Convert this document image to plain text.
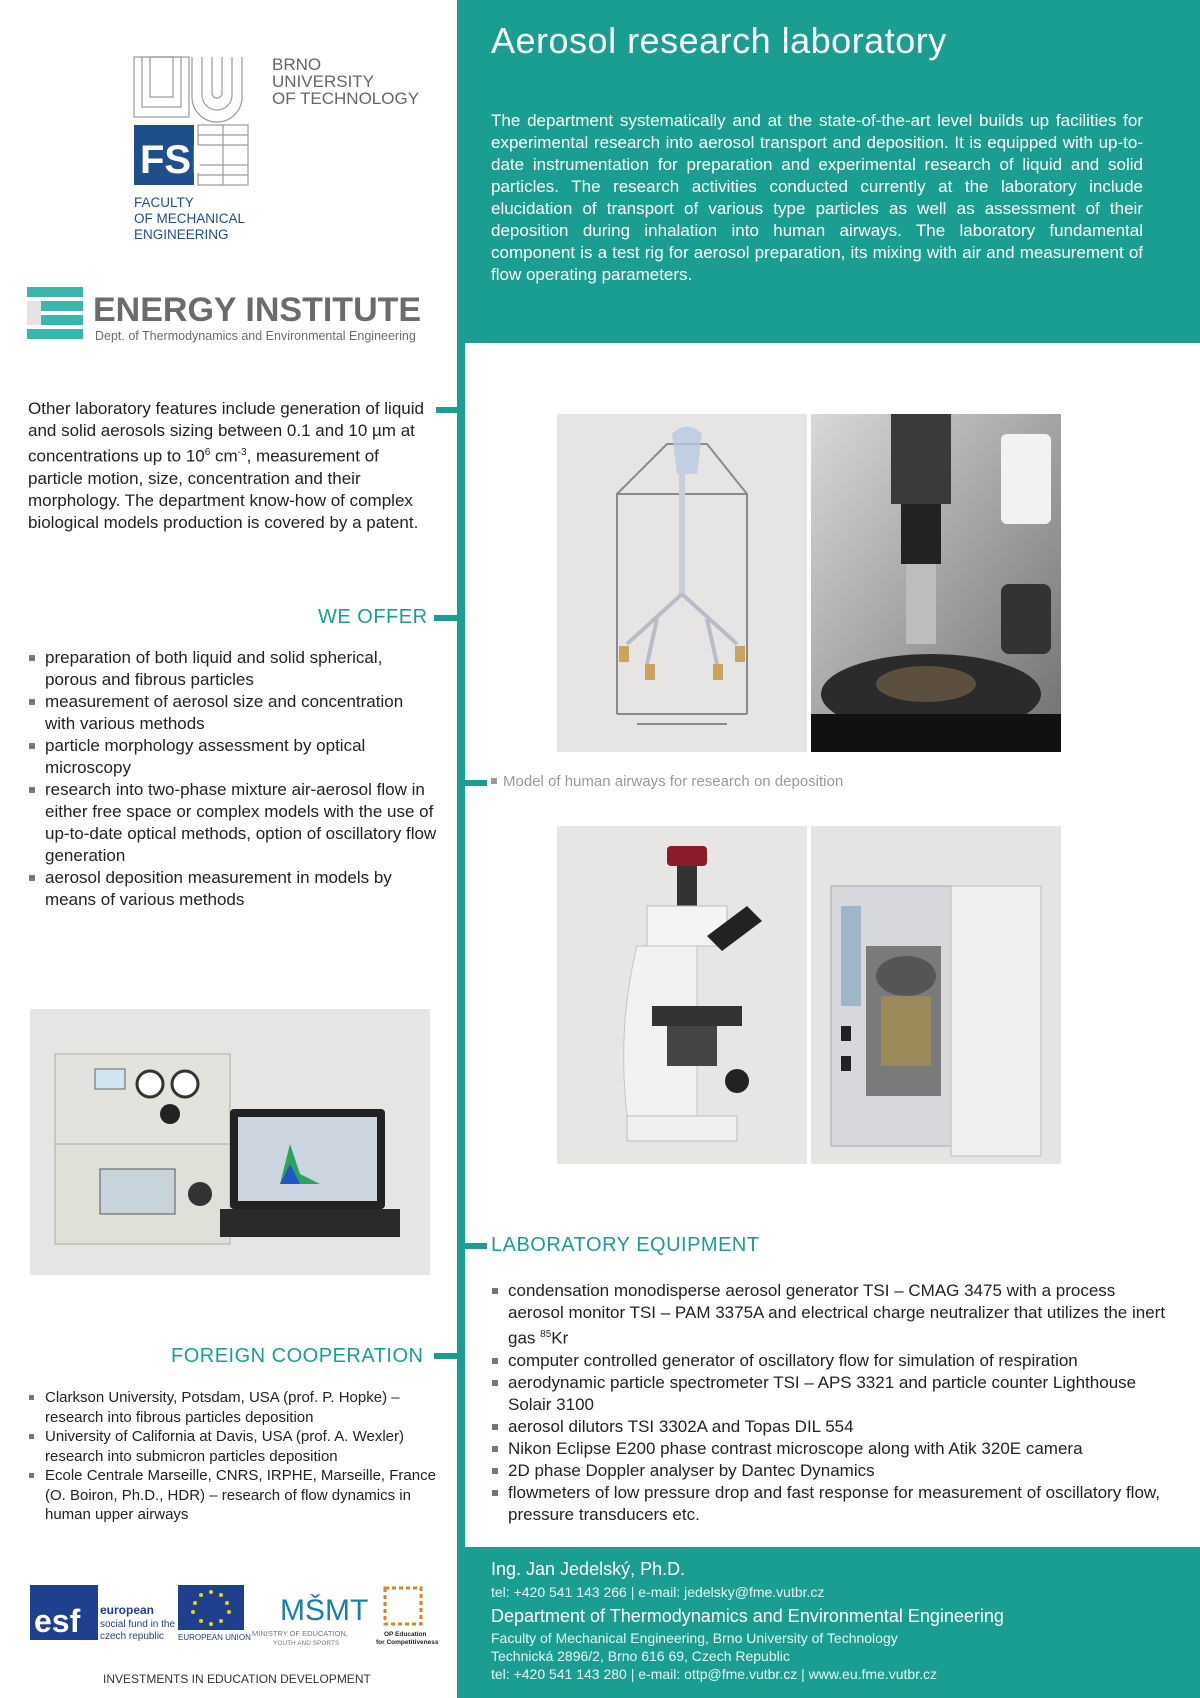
Aerosol research laboratory

The department systematically and at the state-of-the-art level builds up facilities for experimental research into aerosol transport and deposition. It is equipped with up-to-date instrumentation for preparation and experimental research of liquid and solid particles. The research activities conducted currently at the laboratory include elucidation of transport of various type particles as well as assessment of their deposition during inhalation into human airways. The laboratory fundamental component is a test rig for aerosol preparation, its mixing with air and measurement of flow operating parameters.

FSI
BRNO
UNIVERSITY
OF TECHNOLOGY
FACULTY
OF MECHANICAL
ENGINEERING
ENERGY INSTITUTE
Dept. of Thermodynamics and Environmental Engineering

Other laboratory features include generation of liquid and solid aerosols sizing between 0.1 and 10 µm at concentrations up to $10^6$ $cm^{-3}$, measurement of particle motion, size, concentration and their morphology. The department know-how of complex biological models production is covered by a patent.

WE OFFER
preparation of both liquid and solid spherical, porous and fibrous particles
measurement of aerosol size and concentration with various methods
particle morphology assessment by optical microscopy
research into two-phase mixture air-aerosol flow in either free space or complex models with the use of up-to-date optical methods, option of oscillatory flow generation
aerosol deposition measurement in models by means of various methods
Model of human airways for research on deposition
LABORATORY EQUIPMENT
condensation monodisperse aerosol generator TSI – CMAG 3475 with a process aerosol monitor TSI – PAM 3375A and electrical charge neutralizer that utilizes the inert gas $^{85}$Kr
computer controlled generator of oscillatory flow for simulation of respiration
aerodynamic particle spectrometer TSI – APS 3321 and particle counter Lighthouse Solair 3100
aerosol dilutors TSI 3302A and Topas DIL 554
Nikon Eclipse E200 phase contrast microscope along with Atik 320E camera
2D phase Doppler analyser by Dantec Dynamics
flowmeters of low pressure drop and fast response for measurement of oscillatory flow, pressure transducers etc.
FOREIGN COOPERATION
Clarkson University, Potsdam, USA (prof. P. Hopke) – research into fibrous particles deposition
University of California at Davis, USA (prof. A. Wexler) research into submicron particles deposition
Ecole Centrale Marseille, CNRS, IRPHE, Marseille, France (O. Boiron, Ph.D., HDR) – research of flow dynamics in human upper airways
Ing. Jan Jedelský, Ph.D.
tel: +420 541 143 266 | e-mail: jedelsky@fme.vutbr.cz
Department of Thermodynamics and Environmental Engineering
Faculty of Mechanical Engineering, Brno University of Technology
Technická 2896/2, Brno 616 69, Czech Republic
tel: +420 541 143 280 | e-mail: ottp@fme.vutbr.cz | www.eu.fme.vutbr.cz
esf european
social fund in the
czech republic EUROPEAN UNION
MŠMT
MINISTRY OF EDUCATION,
YOUTH AND SPORTS
OP Education
for Competitiveness
INVESTMENTS IN EDUCATION DEVELOPMENT
